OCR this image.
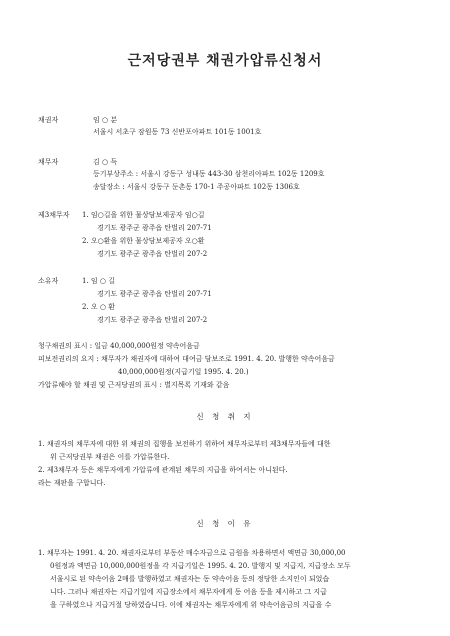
근저당권부 채권가압류신청서
채권자	임 ○ 분
서울시 서초구 잠원동 73 신반포아파트 101동 1001호
채무자	김 ○ 득
등기부상주소 : 서울시 강동구 성내동 443-30 삼천리아파트 102동 1209호
송달장소 : 서울시 강동구 둔촌동 170-1 주공아파트 102동 1306호
제3채무자 1. 임○길을 위한 물상담보제공자 임○길
경기도 광주군 광주읍 탄벌리 207-71
2. 오○환을 위한 물상담보제공자 오○환
경기도 광주군 광주읍 탄벌리 207-2
소유자	1. 임 ○ 길
경기도 광주군 광주읍 탄벌리 207-71
2. 오 ○ 환
경기도 광주군 광주읍 탄벌리 207-2
청구채권의 표시 : 일금 40,000,000원정 약속어음금
피보전권리의 요지 : 채무자가 채권자에 대하여 대여금 담보조로 1991. 4. 20. 발행한 약속어음금
40,000,000원정(지급기일 1995. 4. 20.)
가압류해야 할 채권 및 근저당권의 표시 : 별지목록 기재와 같음
신 청 취 지
1. 채권자의 채무자에 대한 위 채권의 집행을 보전하기 위하여 채무자로부터 제3채무자들에 대한
위 근저당권부 채권은 이를 가압류한다.
2. 제3채무자 등은 채무자에게 가압류에 관계된 채무의 지급을 하여서는 아니된다.
라는 재판을 구합니다.
신 청 이 유
1. 채무자는 1991. 4. 20. 채권자로부터 부동산 매수자금으로 금원을 차용하면서 액면금 30,000,00
0원정과 액면금 10,000,000원정을 각 지급기일은 1995. 4. 20. 발행지 및 지급지, 지급장소 모두
서울시로 된 약속어음 2매를 발행하였고 채권자는 동 약속어음 등의 정당한 소지인이 되었습
니다. 그러나 채권자는 지급기일에 지급장소에서 채무자에게 동 어음 등을 제시하고 그 지급
을 구하였으나 지급거절 당하였습니다. 이에 채권자는 채무자에게 위 약속어음금의 지급을 수
